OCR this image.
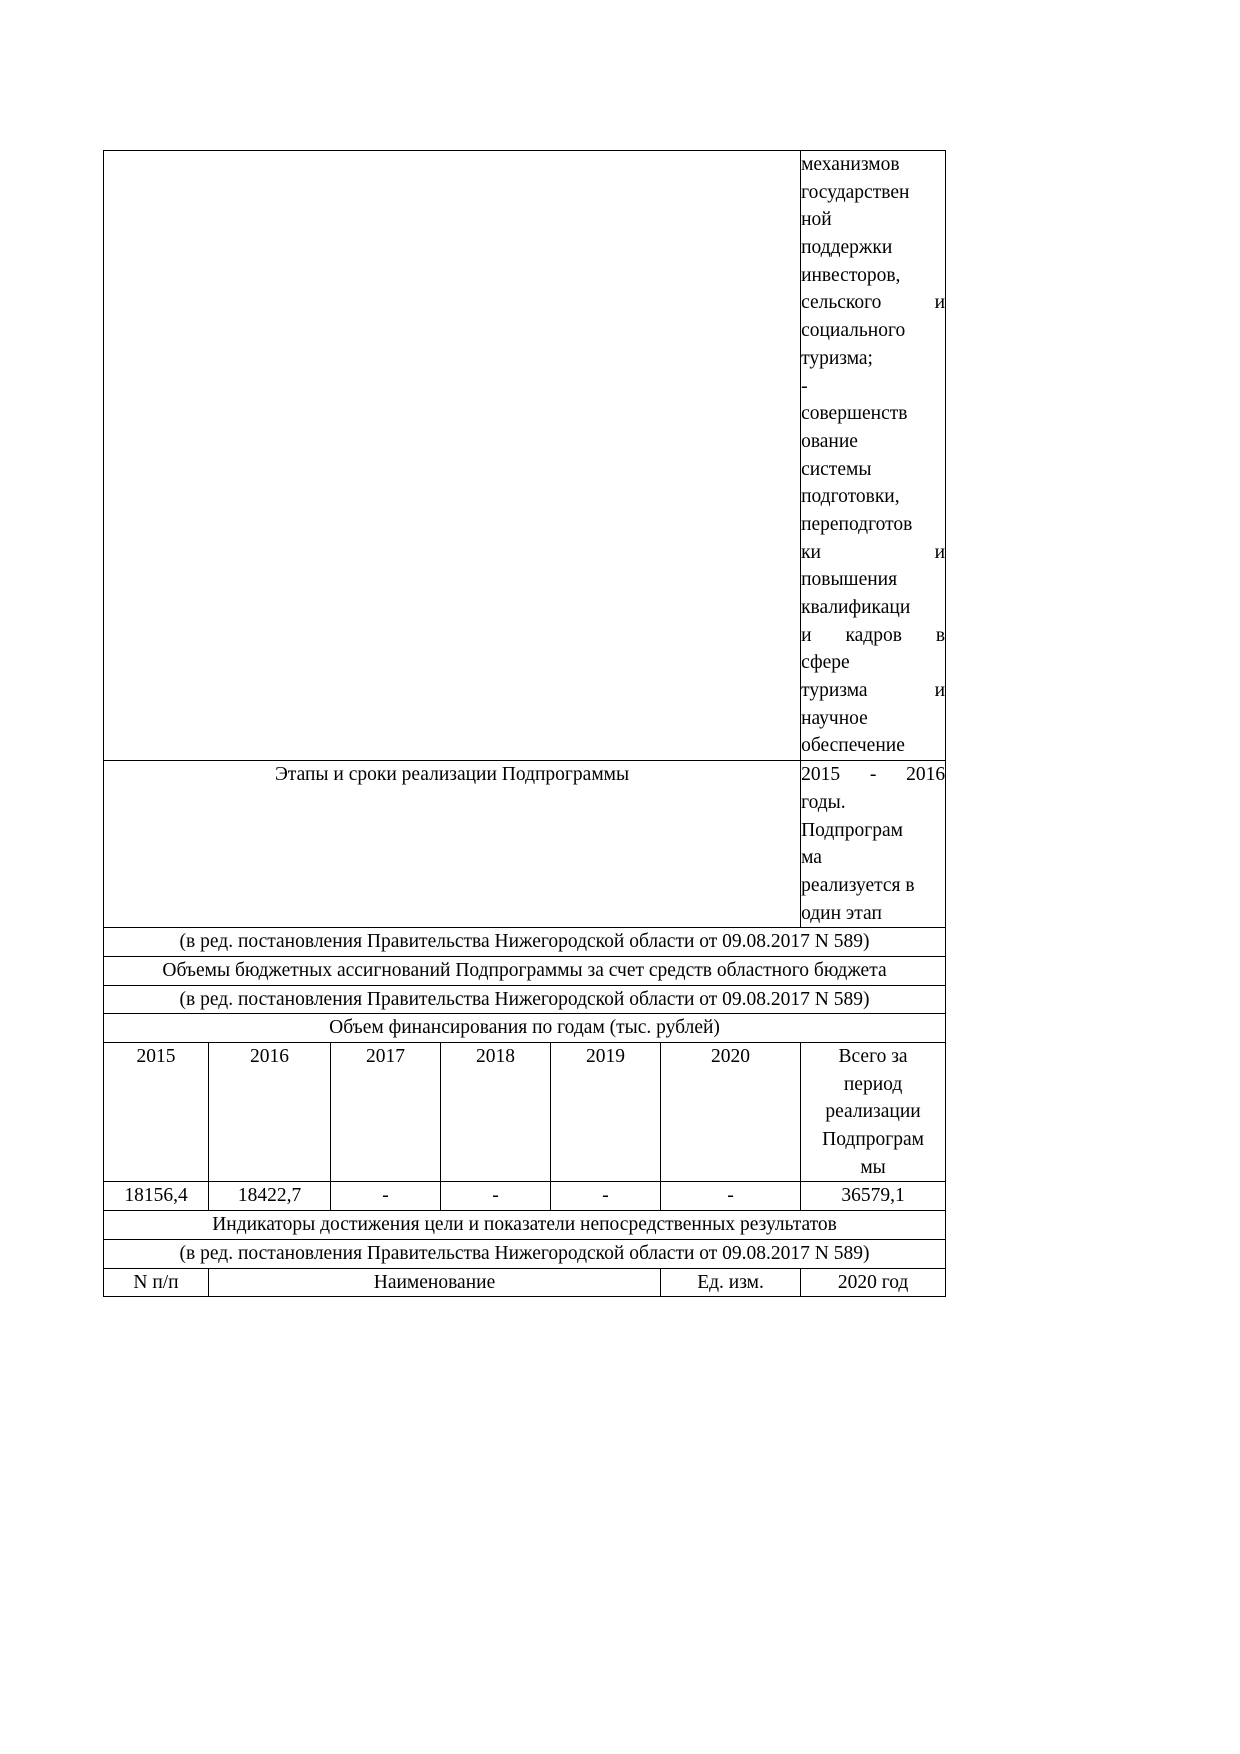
механизмов
государствен
ной
поддержки
инвесторов,
сельского	и
социального
туризма;
-
совершенств
ование
системы
подготовки,
переподготов
ки	и
повышения
квалификаци
и кадров в
сфере
туризма	и
научное
обеспечение

Этапы и сроки реализации Подпрограммы	2015 - 2016
годы.
Подпрограм
ма
реализуется в
один этап

(в ред. постановления Правительства Нижегородской области от 09.08.2017 N 589)						
Объемы бюджетных ассигнований Подпрограммы за счет средств областного бюджета						
(в ред. постановления Правительства Нижегородской области от 09.08.2017 N 589)						
Объем финансирования по годам (тыс. рублей)						
2015	2016	2017	2018	2019	2020	Всего за
период
реализации
Подпрограм
мы

18156,4	18422,7	-	-	-	-	36579,1
Индикаторы достижения цели и показатели непосредственных результатов						
(в ред. постановления Правительства Нижегородской области от 09.08.2017 N 589)						
N п/п	Наименование				Ед. изм.	2020 год
